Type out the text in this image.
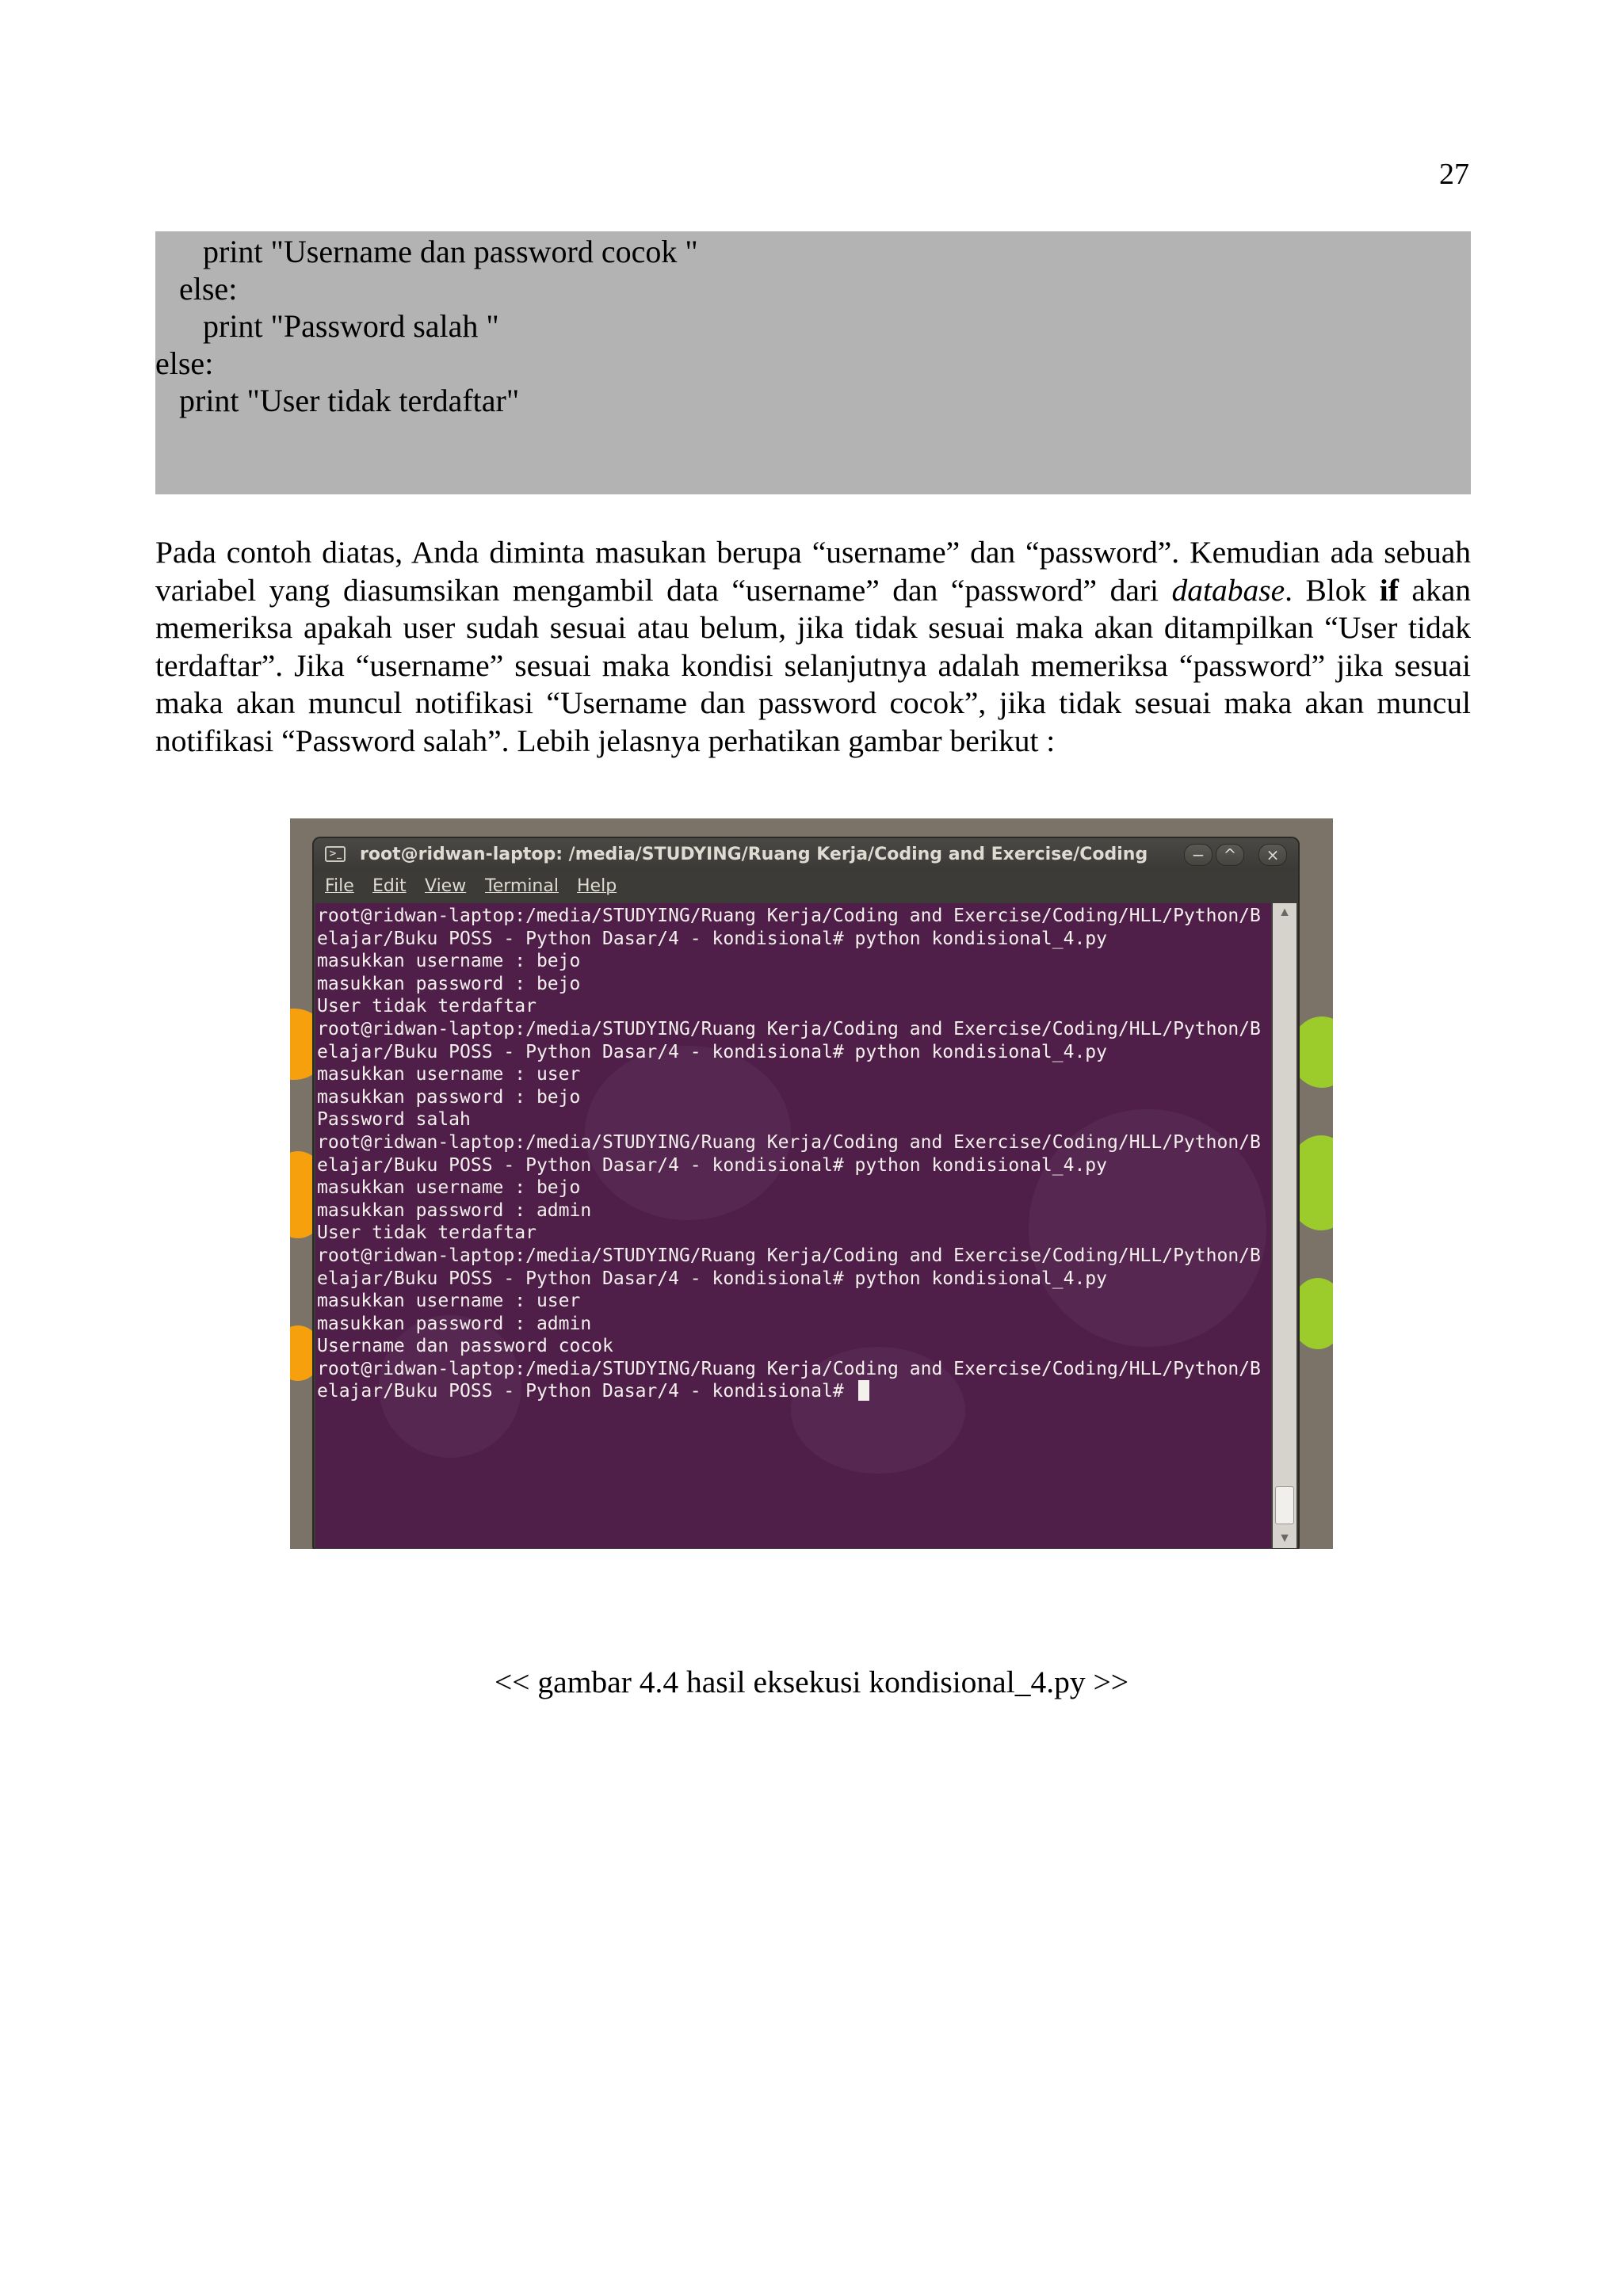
27
print "Username dan password cocok "
else:
print "Password salah "
else:
print "User tidak terdaftar"
Pada contoh diatas, Anda diminta masukan berupa “username” dan “password”. Kemudian ada sebuah variabel yang diasumsikan mengambil data “username” dan “password” dari database. Blok if akan memeriksa apakah user sudah sesuai atau belum, jika tidak sesuai maka akan ditampilkan “User tidak terdaftar”. Jika “username” sesuai maka kondisi selanjutnya adalah memeriksa “password” jika sesuai maka akan muncul notifikasi “Username dan password cocok”, jika tidak sesuai maka akan muncul notifikasi “Password salah”. Lebih jelasnya perhatikan gambar berikut :
>_ root@ridwan-laptop: /media/STUDYING/Ruang Kerja/Coding and Exercise/Coding	−	^	×
File Edit View Terminal Help
root@ridwan-laptop:/media/STUDYING/Ruang Kerja/Coding and Exercise/Coding/HLL/Python/B
elajar/Buku POSS - Python Dasar/4 - kondisional# python kondisional_4.py
masukkan username : bejo
masukkan password : bejo
User tidak terdaftar
root@ridwan-laptop:/media/STUDYING/Ruang Kerja/Coding and Exercise/Coding/HLL/Python/B
elajar/Buku POSS - Python Dasar/4 - kondisional# python kondisional_4.py
masukkan username : user
masukkan password : bejo
Password salah
root@ridwan-laptop:/media/STUDYING/Ruang Kerja/Coding and Exercise/Coding/HLL/Python/B
elajar/Buku POSS - Python Dasar/4 - kondisional# python kondisional_4.py
masukkan username : bejo
masukkan password : admin
User tidak terdaftar
root@ridwan-laptop:/media/STUDYING/Ruang Kerja/Coding and Exercise/Coding/HLL/Python/B
elajar/Buku POSS - Python Dasar/4 - kondisional# python kondisional_4.py
masukkan username : user
masukkan password : admin
Username dan password cocok
root@ridwan-laptop:/media/STUDYING/Ruang Kerja/Coding and Exercise/Coding/HLL/Python/B
elajar/Buku POSS - Python Dasar/4 - kondisional#
▲
▼
<< gambar 4.4 hasil eksekusi kondisional_4.py >>
